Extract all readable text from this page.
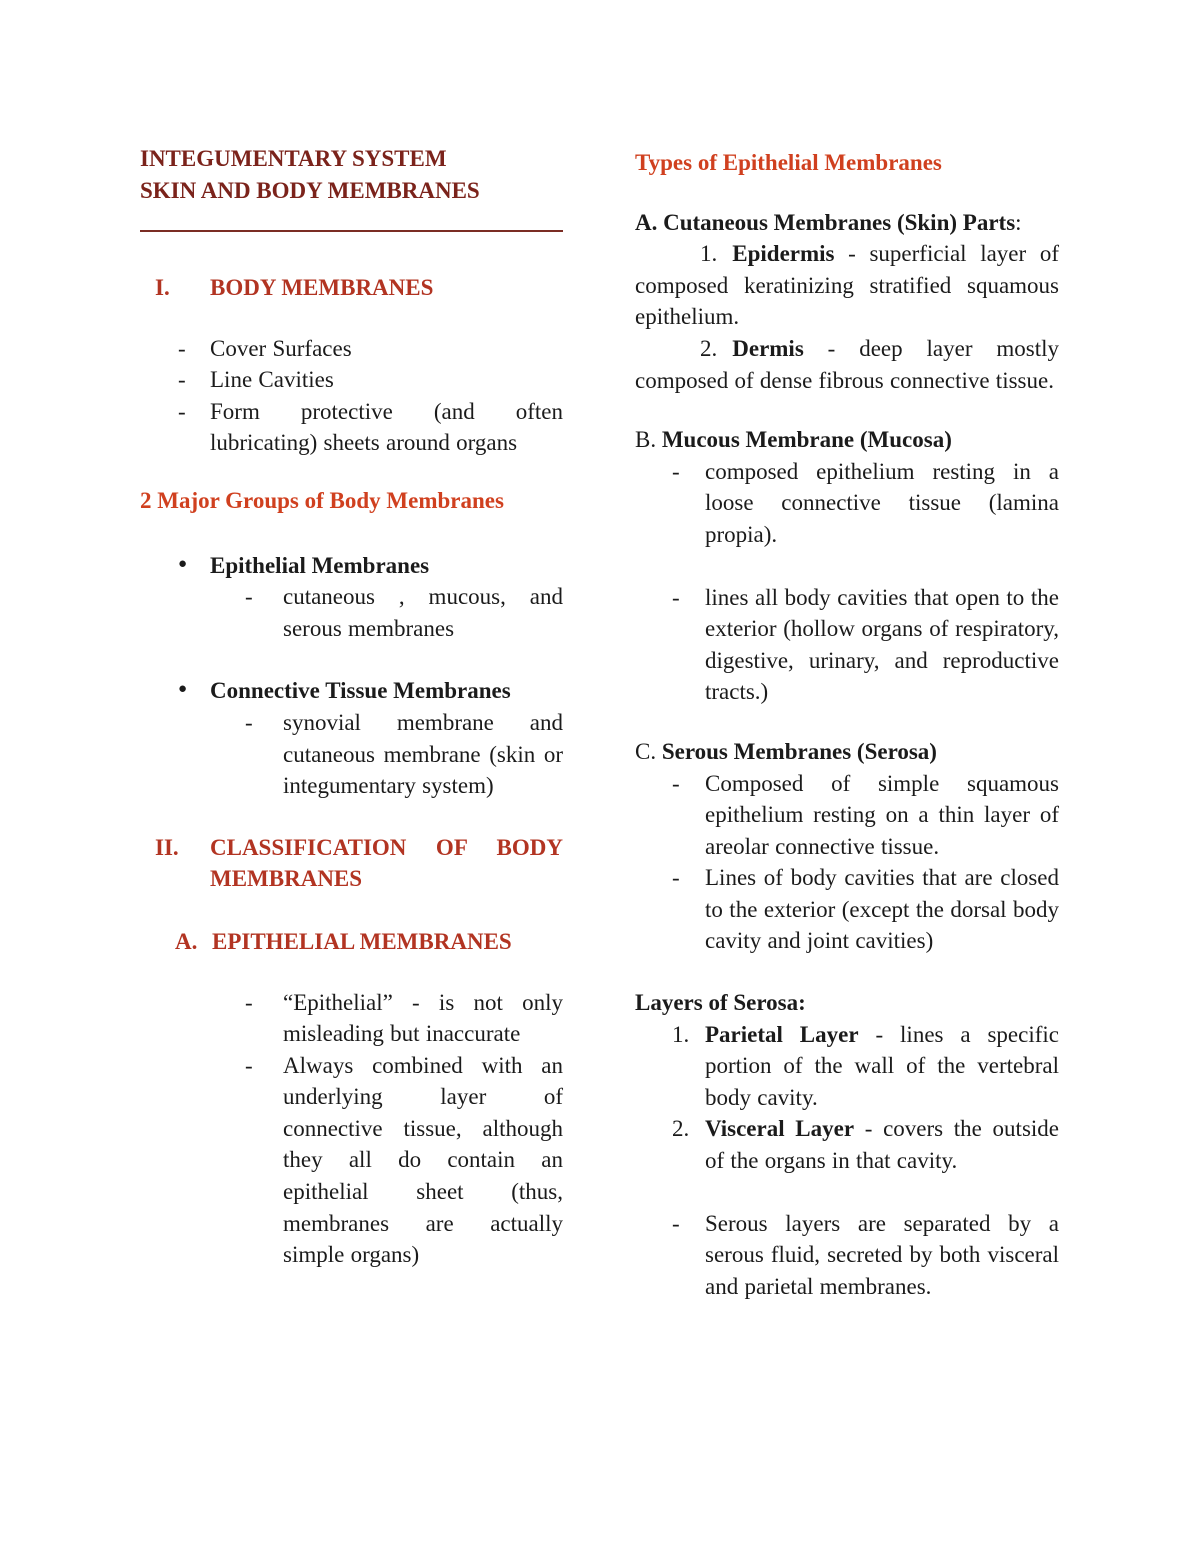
INTEGUMENTARY SYSTEM
SKIN AND BODY MEMBRANES
I. BODY MEMBRANES
- Cover Surfaces
- Line Cavities
- Form protective (and often lubricating) sheets around organs
2 Major Groups of Body Membranes
● Epithelial Membranes
- cutaneous , mucous, and serous membranes
● Connective Tissue Membranes
- synovial membrane and cutaneous membrane (skin or integumentary system)
II. CLASSIFICATION OF BODY MEMBRANES
A. EPITHELIAL MEMBRANES
- “Epithelial” - is not only misleading but inaccurate
- Always combined with an underlying layer of connective tissue, although they all do contain an epithelial sheet (thus, membranes are actually simple organs)
Types of Epithelial Membranes
A. Cutaneous Membranes (Skin) Parts:

1. Epidermis - superficial layer of composed keratinizing stratified squamous epithelium.

2. Dermis - deep layer mostly composed of dense fibrous connective tissue.

B. Mucous Membrane (Mucosa)
- composed epithelium resting in a loose connective tissue (lamina propia).
- lines all body cavities that open to the exterior (hollow organs of respiratory, digestive, urinary, and reproductive tracts.)
C. Serous Membranes (Serosa)
- Composed of simple squamous epithelium resting on a thin layer of areolar connective tissue.
- Lines of body cavities that are closed to the exterior (except the dorsal body cavity and joint cavities)
Layers of Serosa:
1. Parietal Layer - lines a specific portion of the wall of the vertebral body cavity.
2. Visceral Layer - covers the outside of the organs in that cavity.
- Serous layers are separated by a serous fluid, secreted by both visceral and parietal membranes.
